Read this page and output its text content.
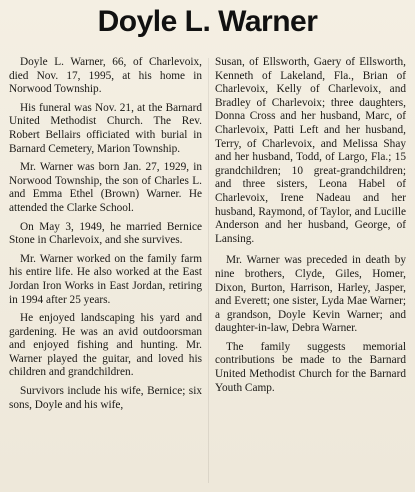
Doyle L. Warner

Doyle L. Warner, 66, of Charlevoix, died Nov. 17, 1995, at his home in Norwood Township.

His funeral was Nov. 21, at the Barnard United Methodist Church. The Rev. Robert Bellairs officiated with burial in Barnard Cemetery, Marion Township.

Mr. Warner was born Jan. 27, 1929, in Norwood Township, the son of Charles L. and Emma Ethel (Brown) Warner. He attended the Clarke School.

On May 3, 1949, he married Bernice Stone in Charlevoix, and she survives.

Mr. Warner worked on the family farm his entire life. He also worked at the East Jordan Iron Works in East Jordan, retiring in 1994 after 25 years.

He enjoyed landscaping his yard and gardening. He was an avid outdoorsman and enjoyed fishing and hunting. Mr. Warner played the guitar, and loved his children and grandchildren.

Survivors include his wife, Bernice; six sons, Doyle and his wife,

Susan, of Ellsworth, Gaery of Ellsworth, Kenneth of Lakeland, Fla., Brian of Charlevoix, Kelly of Charlevoix, and Bradley of Charlevoix; three daughters, Donna Cross and her husband, Marc, of Charlevoix, Patti Left and her husband, Terry, of Charlevoix, and Melissa Shay and her husband, Todd, of Largo, Fla.; 15 grandchildren; 10 great-grandchildren; and three sisters, Leona Habel of Charlevoix, Irene Nadeau and her husband, Raymond, of Taylor, and Lucille Anderson and her husband, George, of Lansing.

Mr. Warner was preceded in death by nine brothers, Clyde, Giles, Homer, Dixon, Burton, Harrison, Harley, Jasper, and Everett; one sister, Lyda Mae Warner; a grandson, Doyle Kevin Warner; and daughter-in-law, Debra Warner.

The family suggests memorial contributions be made to the Barnard United Methodist Church for the Barnard Youth Camp.
